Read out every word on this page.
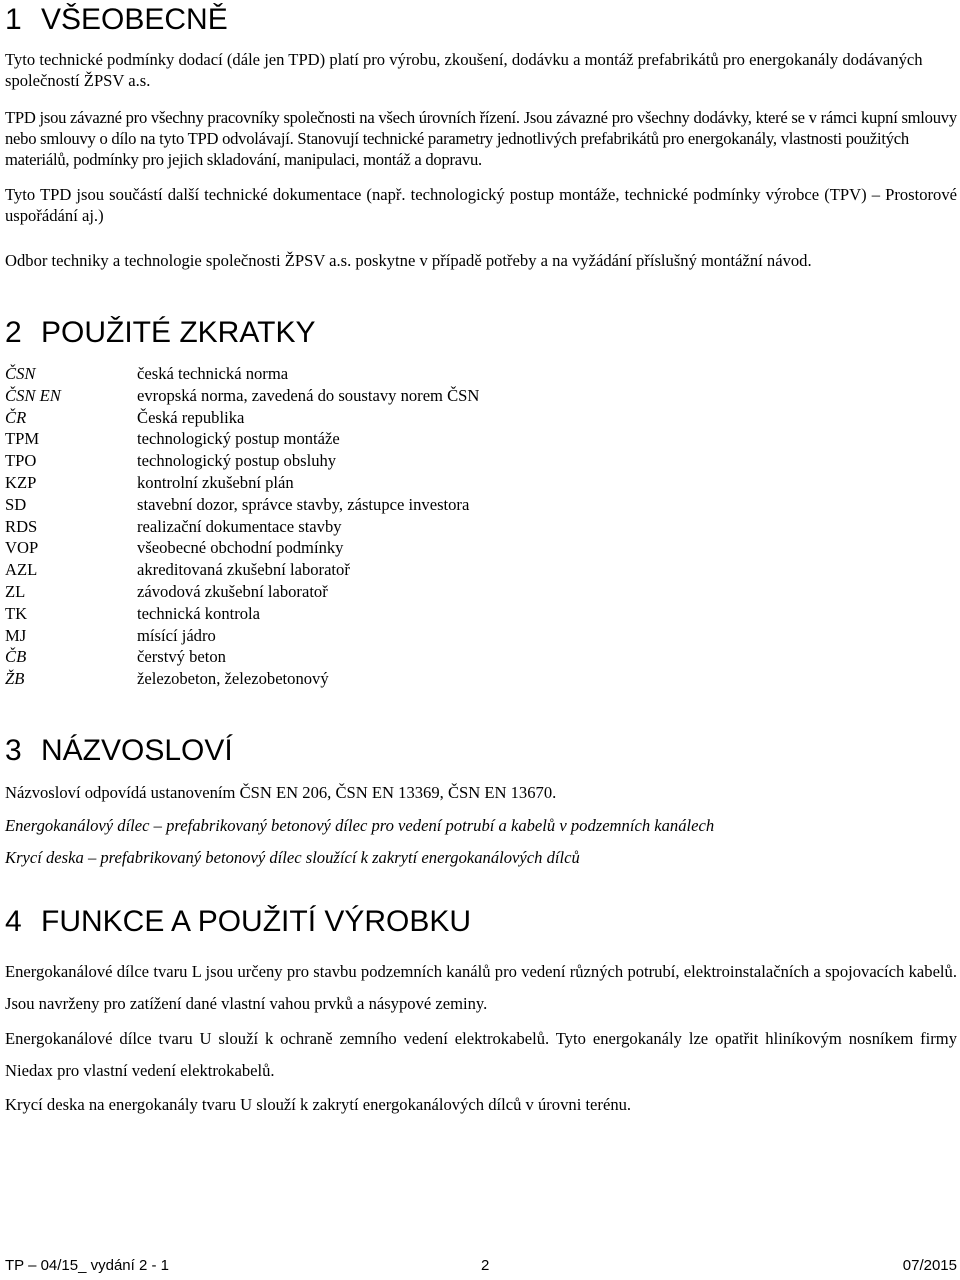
1 VŠEOBECNĚ

Tyto technické podmínky dodací (dále jen TPD) platí pro výrobu, zkoušení, dodávku a montáž prefabrikátů pro energokanály dodávaných společností ŽPSV a.s.

TPD jsou závazné pro všechny pracovníky společnosti na všech úrovních řízení. Jsou závazné pro všechny dodávky, které se v rámci kupní smlouvy nebo smlouvy o dílo na tyto TPD odvolávají. Stanovují technické parametry jednotlivých prefabrikátů pro energokanály, vlastnosti použitých materiálů, podmínky pro jejich skladování, manipulaci, montáž a dopravu.

Tyto TPD jsou součástí další technické dokumentace (např. technologický postup montáže, technické podmínky výrobce (TPV) – Prostorové uspořádání aj.)

Odbor techniky a technologie společnosti ŽPSV a.s. poskytne v případě potřeby a na vyžádání příslušný montážní návod.

2 POUŽITÉ ZKRATKY
ČSN	česká technická norma
ČSN EN	evropská norma, zavedená do soustavy norem ČSN
ČR	Česká republika
TPM	technologický postup montáže
TPO	technologický postup obsluhy
KZP	kontrolní zkušební plán
SD	stavební dozor, správce stavby, zástupce investora
RDS	realizační dokumentace stavby
VOP	všeobecné obchodní podmínky
AZL	akreditovaná zkušební laboratoř
ZL	závodová zkušební laboratoř
TK	technická kontrola
MJ	mísící jádro
ČB	čerstvý beton
ŽB	železobeton, železobetonový
3 NÁZVOSLOVÍ

Názvosloví odpovídá ustanovením ČSN EN 206, ČSN EN 13369, ČSN EN 13670.

Energokanálový dílec – prefabrikovaný betonový dílec pro vedení potrubí a kabelů v podzemních kanálech

Krycí deska – prefabrikovaný betonový dílec sloužící k zakrytí energokanálových dílců

4 FUNKCE A POUŽITÍ VÝROBKU

Energokanálové dílce tvaru L jsou určeny pro stavbu podzemních kanálů pro vedení různých potrubí, elektroinstalačních a spojovacích kabelů. Jsou navrženy pro zatížení dané vlastní vahou prvků a násypové zeminy.

Energokanálové dílce tvaru U slouží k ochraně zemního vedení elektrokabelů. Tyto energokanály lze opatřit hliníkovým nosníkem firmy Niedax pro vlastní vedení elektrokabelů.

Krycí deska na energokanály tvaru U slouží k zakrytí energokanálových dílců v úrovni terénu.

TP – 04/15_ vydání 2 - 1	2	07/2015
